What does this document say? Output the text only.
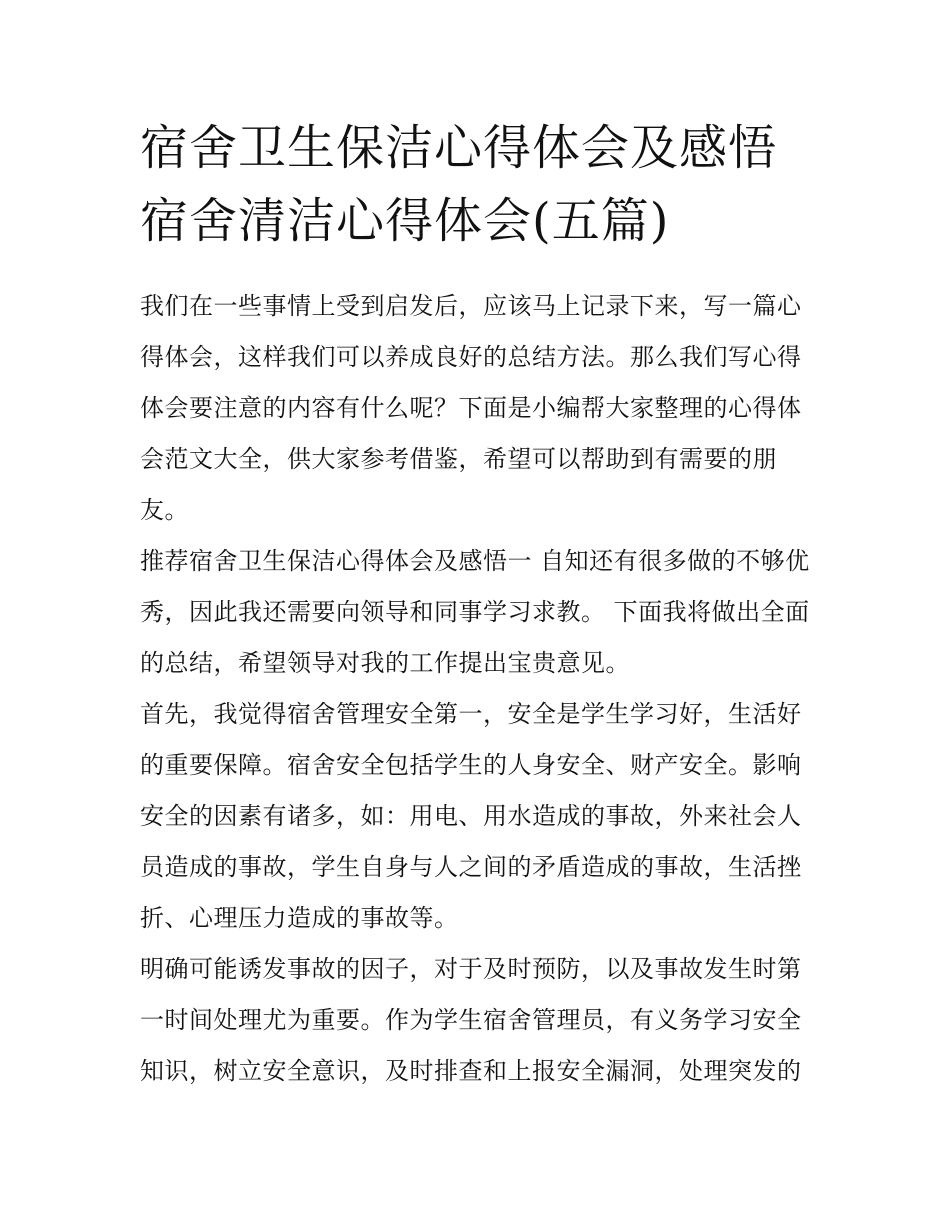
宿舍卫生保洁心得体会及感悟
宿舍清洁心得体会(五篇)

我们在一些事情上受到启发后，应该马上记录下来，写一篇心得体会，这样我们可以养成良好的总结方法。那么我们写心得体会要注意的内容有什么呢？下面是小编帮大家整理的心得体会范文大全，供大家参考借鉴，希望可以帮助到有需要的朋友。

推荐宿舍卫生保洁心得体会及感悟一 自知还有很多做的不够优秀，因此我还需要向领导和同事学习求教。 下面我将做出全面的总结，希望领导对我的工作提出宝贵意见。

首先，我觉得宿舍管理安全第一，安全是学生学习好，生活好的重要保障。宿舍安全包括学生的人身安全、财产安全。影响安全的因素有诸多，如：用电、用水造成的事故，外来社会人员造成的事故，学生自身与人之间的矛盾造成的事故，生活挫折、心理压力造成的事故等。

明确可能诱发事故的因子，对于及时预防，以及事故发生时第一时间处理尤为重要。作为学生宿舍管理员，有义务学习安全知识，树立安全意识，及时排查和上报安全漏洞，处理突发的
